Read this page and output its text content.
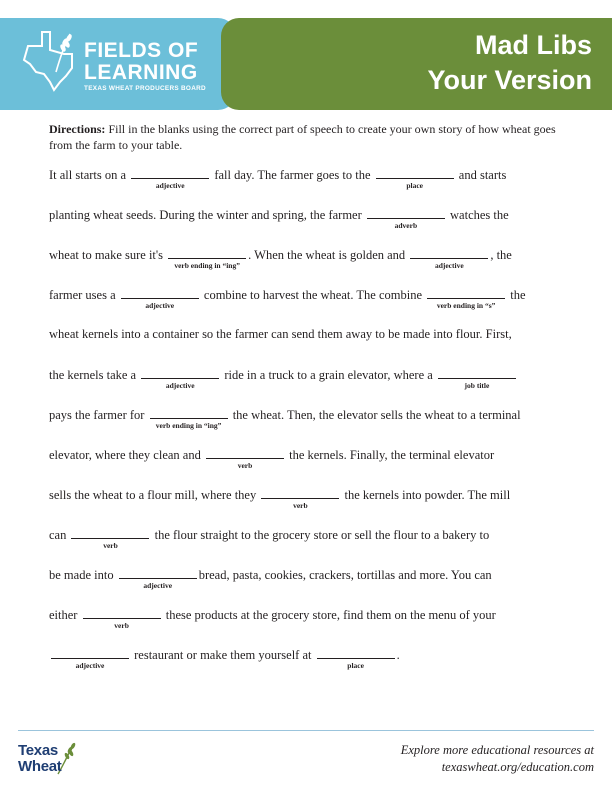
FIELDS OF
LEARNING
TEXAS WHEAT PRODUCERS BOARD
Mad Libs
Your Version
Directions: Fill in the blanks using the correct part of speech to create your own story of how wheat goes from the farm to your table.
It all starts on a
adjective
fall day. The farmer goes to the
place
and starts
planting wheat seeds. During the winter and spring, the farmer
adverb
watches the
wheat to make sure it's
verb ending in “ing”
. When the wheat is golden and
adjective
, the
farmer uses a
adjective
combine to harvest the wheat. The combine
verb ending in “s”
the
wheat kernels into a container so the farmer can send them away to be made into flour. First,
the kernels take a
adjective
ride in a truck to a grain elevator, where a
job title
pays the farmer for
verb ending in “ing”
the wheat. Then, the elevator sells the wheat to a terminal
elevator, where they clean and
verb
the kernels. Finally, the terminal elevator
sells the wheat to a flour mill, where they
verb
the kernels into powder. The mill
can
verb
the flour straight to the grocery store or sell the flour to a bakery to
be made into
adjective
bread, pasta, cookies, crackers, tortillas and more. You can
either
verb
these products at the grocery store, find them on the menu of your
adjective
restaurant or make them yourself at
place
.
Texas
Wheat
Explore more educational resources at
texaswheat.org/education.com
